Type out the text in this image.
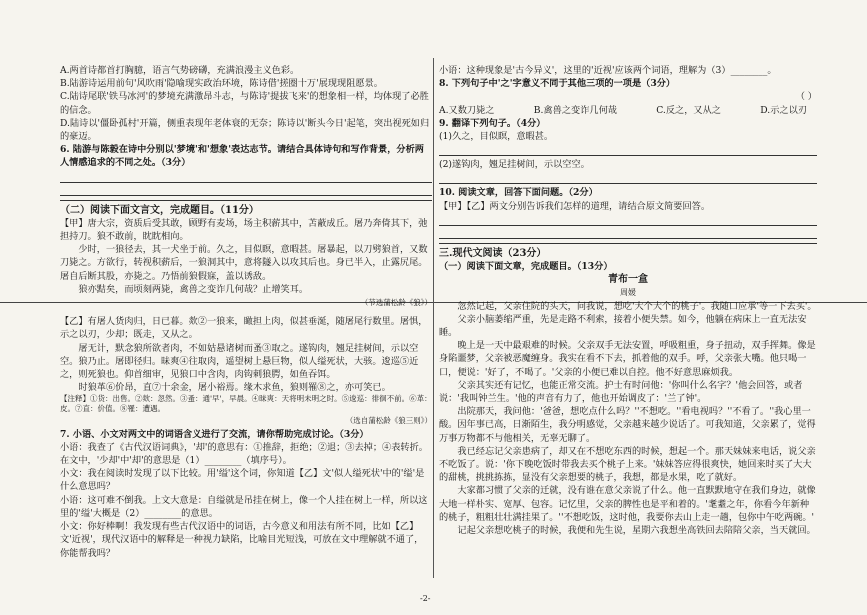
A.两首诗都首打胸臆，语言气势磅礴，充满浪漫主义色彩。

B.陆游诗运用前句'风吹雨'隐喻现实政治环境，陈诗借'搓圈十万'展现现阻愿景。

C.陆诗尾联'铁马冰河'的梦境充满激昂斗志，与陈诗'提拔飞来'的想象相一样，均体现了必胜的信念。

D.陆诗以'僵卧孤村'开篇，侧重表现年老体衰的无奈；陈诗以'断头今日'起笔，突出视死如归的豪迈。

6. 陆游与陈毅在诗中分别以'梦境'和'想象'表达志节。请结合具体诗句和写作背景，分析两人情感追求的不同之处。（3分）

（二）阅读下面文言文，完成题目。（11分）

【甲】唐大宗，资质后受其敢，顾野有麦场，场主积薪其中，苫蔽成丘。屠乃奔倚其下，弛担持刀。狼不敢前，眈眈相向。

少时，一狼径去，其一犬坐于前。久之，目似瞑，意暇甚。屠暴起，以刀劈狼首，又数刀毙之。方欲行，转视积薪后，一狼洞其中，意将隧入以攻其后也。身已半入，止露尻尾。屠自后断其股，亦毙之。乃悟前狼假寐，盖以诱敌。

狼亦黠矣，而顷刻两毙，禽兽之变诈几何哉？止增笑耳。

（节选蒲松龄《狼》）

【乙】有屠人货肉归，日已暮。欻②一狼来，瞰担上肉，似甚垂涎，随屠尾行数里。屠惧，示之以刃，少却；既走，又从之。

屠无计，默念狼所欲者肉，不如姑悬诸树而蚤③取之。遂钩肉，翘足挂树间，示以空空。狼乃止。屠即径归。昧爽④往取肉，遥望树上悬巨物，似人缢死状，大骇。逡巡⑤近之，则死狼也。仰首细审，见狼口中含肉，肉钩刺狼腭，如鱼吞饵。

时狼革⑥价昂，直⑦十余金，屠小裕焉。缘木求鱼，狼则罹⑧之，亦可笑已。

【注释】①货：出售。②欻：忽然。③蚤：通'早'，早晨。④昧爽：天将明未明之时。⑤逡巡：徘徊不前。⑥革：皮。⑦直：价值。⑧罹：遭遇。

（选自蒲松龄《狼三则》）

7. 小语、小文对两文中的词语含义进行了交流，请你帮助完成讨论。（3分）

小语：我查了《古代汉语词典》，'却'的意思有：①推辞，拒绝；②退；③去掉；④表转折。在文中，'少却'中'却'的意思是（1）________（填序号）。

小文：我在阅读时发现了以下比较。用'缢'这个词，你知道【乙】文'似人缢死状'中的'缢'是什么意思吗？

小语：这可难不倒我。上文大意是：自缢就是吊挂在树上，像一个人挂在树上一样，所以这里的'缢'大概是（2）________的意思。

小文：你好棒啊！我发现有些古代汉语中的词语，古今意义和用法有所不同，比如【乙】文'近视'，现代汉语中的解释是一种视力缺陷，比喻目光短浅，可放在文中理解就不通了，你能帮我吗？

小语：这种现象是'古今异义'，这里的'近视'应该两个词语，理解为（3）________。

8. 下列句子中'之'字意义不同于其他三项的一项是（3分）

（ ）

A.又数刀毙之	B.禽兽之变诈几何哉	C.反之，又从之	D.示之以刃

9. 翻译下列句子。（4分）

(1)久之，目似瞑，意暇甚。

(2)遂钩肉，翘足挂树间，示以空空。

10. 阅读文章，回答下面问题。（2分）

【甲】【乙】两文分别告诉我们怎样的道理，请结合原文简要回答。

三.现代文阅读（23分）

（一）阅读下面文章，完成题目。（13分）

青布一盒

周媛

忽然记起，父亲住院的头天，问我说，想吃'大个大个的桃子'。我随口应承'等一下去买'。

父亲小脑萎缩严重，先是走路不利索，接着小便失禁。如今，他躺在病床上一直无法安睡。

晚上是一天中最艰难的时候。父亲双手无法安置，呼吸粗重，身子扭动，双手挥舞。像是身陷噩梦，父亲被恶魔缠身。我实在看不下去，抓着他的双手。呼，父亲张大嘴。他只喝一口，便说：'好了，不喝了。'父亲的小便已难以自控。他不好意思麻烦我。

父亲其实还有记忆，也能正常交流。护士有时问他：'你叫什么名字？'他会回答，或者说：'我叫钟兰生。'他的声音有力了，他也开始调皮了：'兰了钟'。

出院那天，我问他：'爸爸，想吃点什么吗？''不想吃。''看电视吗？''不看了。''我心里一酸。因年事已高，日渐陌生，我分明感觉，父亲越来越少说话了。可我知道，父亲累了，觉得万事万物都不与他相关，无辜无聊了。

我已经忘记父亲患病了，却又在不想吃东西的时候，想起一个。那天妹妹来电话，说父亲不吃饭了。说：'你下晚吃饭时带我去买个桃子上来。'妹妹答应得很爽快，她回来时买了大大的甜桃，挑挑拣拣，显没有父亲想要的桃子，我想，都是水果，吃了就好。

大家都习惯了父亲的迁就，没有谁在意父亲说了什么。他一直默默地守在我们身边，就像大地一样朴实、宽厚、包容。记忆里，父亲的脾性也是平和着的。'耄耋之年，你看今年新种的桃子，粗粗壮壮满挂果了。''不想吃饭，这时他，我要你去山上走一趟，包你中午吃两碗。'

记起父亲想吃桃子的时候，我便和先生说，星期六我想坐高铁回去陪陪父亲，当天就回。

-2-
